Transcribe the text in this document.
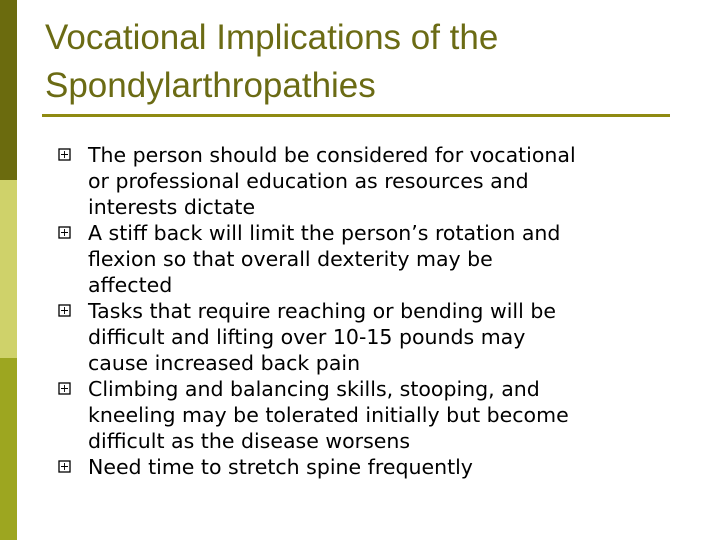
Vocational Implications of the
Spondylarthropathies
The person should be considered for vocational
or professional education as resources and
interests dictate
A stiff back will limit the person’s rotation and
flexion so that overall dexterity may be
affected
Tasks that require reaching or bending will be
difficult and lifting over 10-15 pounds may
cause increased back pain
Climbing and balancing skills, stooping, and
kneeling may be tolerated initially but become
difficult as the disease worsens
Need time to stretch spine frequently
